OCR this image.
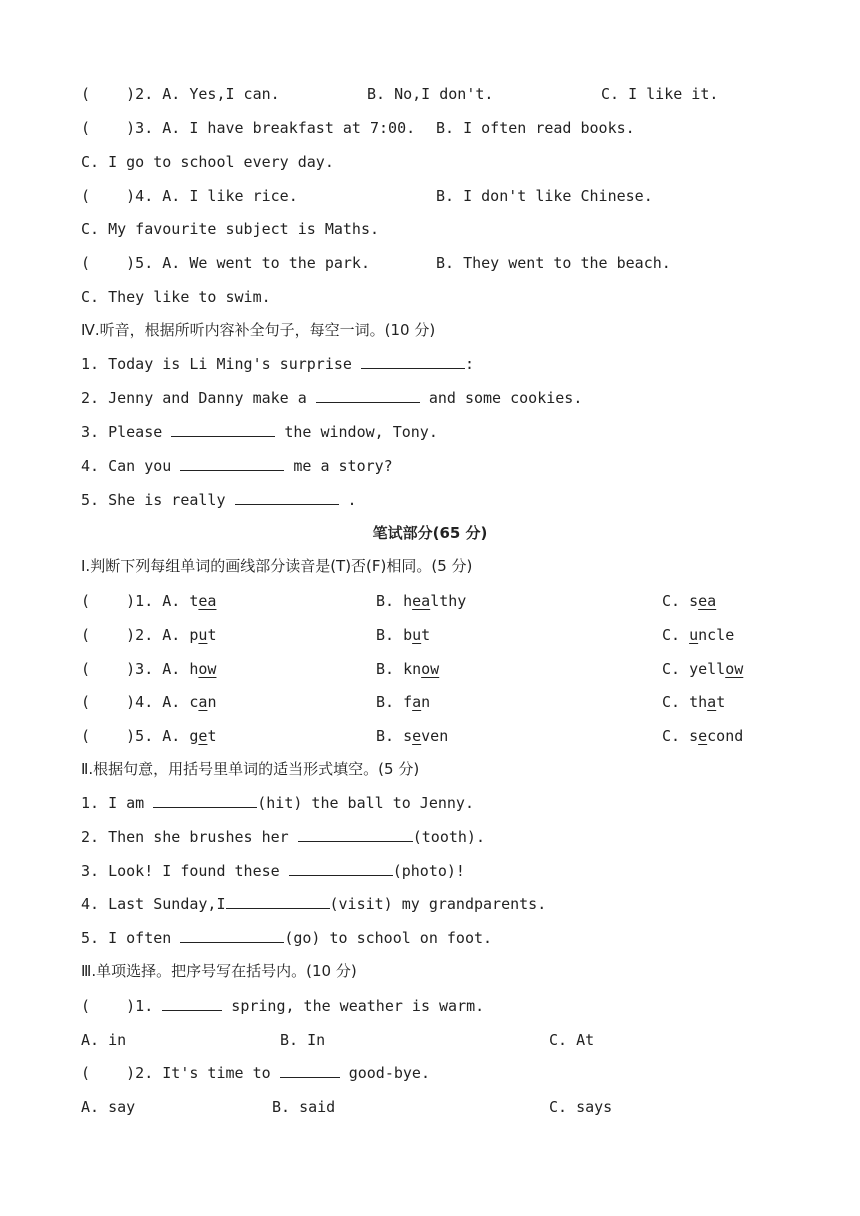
(    )2. A. Yes,I can.	B. No,I don't.	C. I like it.
(    )3. A. I have breakfast at 7:00. B. I often read books.
C. I go to school every day.
(    )4. A. I like rice.	B. I don't like Chinese.
C. My favourite subject is Maths.
(    )5. A. We went to the park.	B. They went to the beach.
C. They like to swim.
Ⅳ.听音，根据所听内容补全句子，每空一词。(10 分)
1. Today is Li Ming's surprise	:
2. Jenny and Danny make a	and some cookies.
3. Please	the window, Tony.
4. Can you	me a story?
5. She is really	.
笔试部分(65 分)
Ⅰ.判断下列每组单词的画线部分读音是(T)否(F)相同。(5 分)
(    )1. A. tea	B. healthy	C. sea
(    )2. A. put	B. but	C. uncle
(    )3. A. how	B. know	C. yellow
(    )4. A. can	B. fan	C. that
(    )5. A. get	B. seven	C. second
Ⅱ.根据句意，用括号里单词的适当形式填空。(5 分)
1. I am	(hit) the ball to Jenny.
2. Then she brushes her	(tooth).
3. Look! I found these	(photo)!
4. Last Sunday,I	(visit) my grandparents.
5. I often	(go) to school on foot.
Ⅲ.单项选择。把序号写在括号内。(10 分)
(    )1.	spring, the weather is warm.
A. in	B. In	C. At
(    )2. It's time to	good-bye.
A. say	B. said	C. says
